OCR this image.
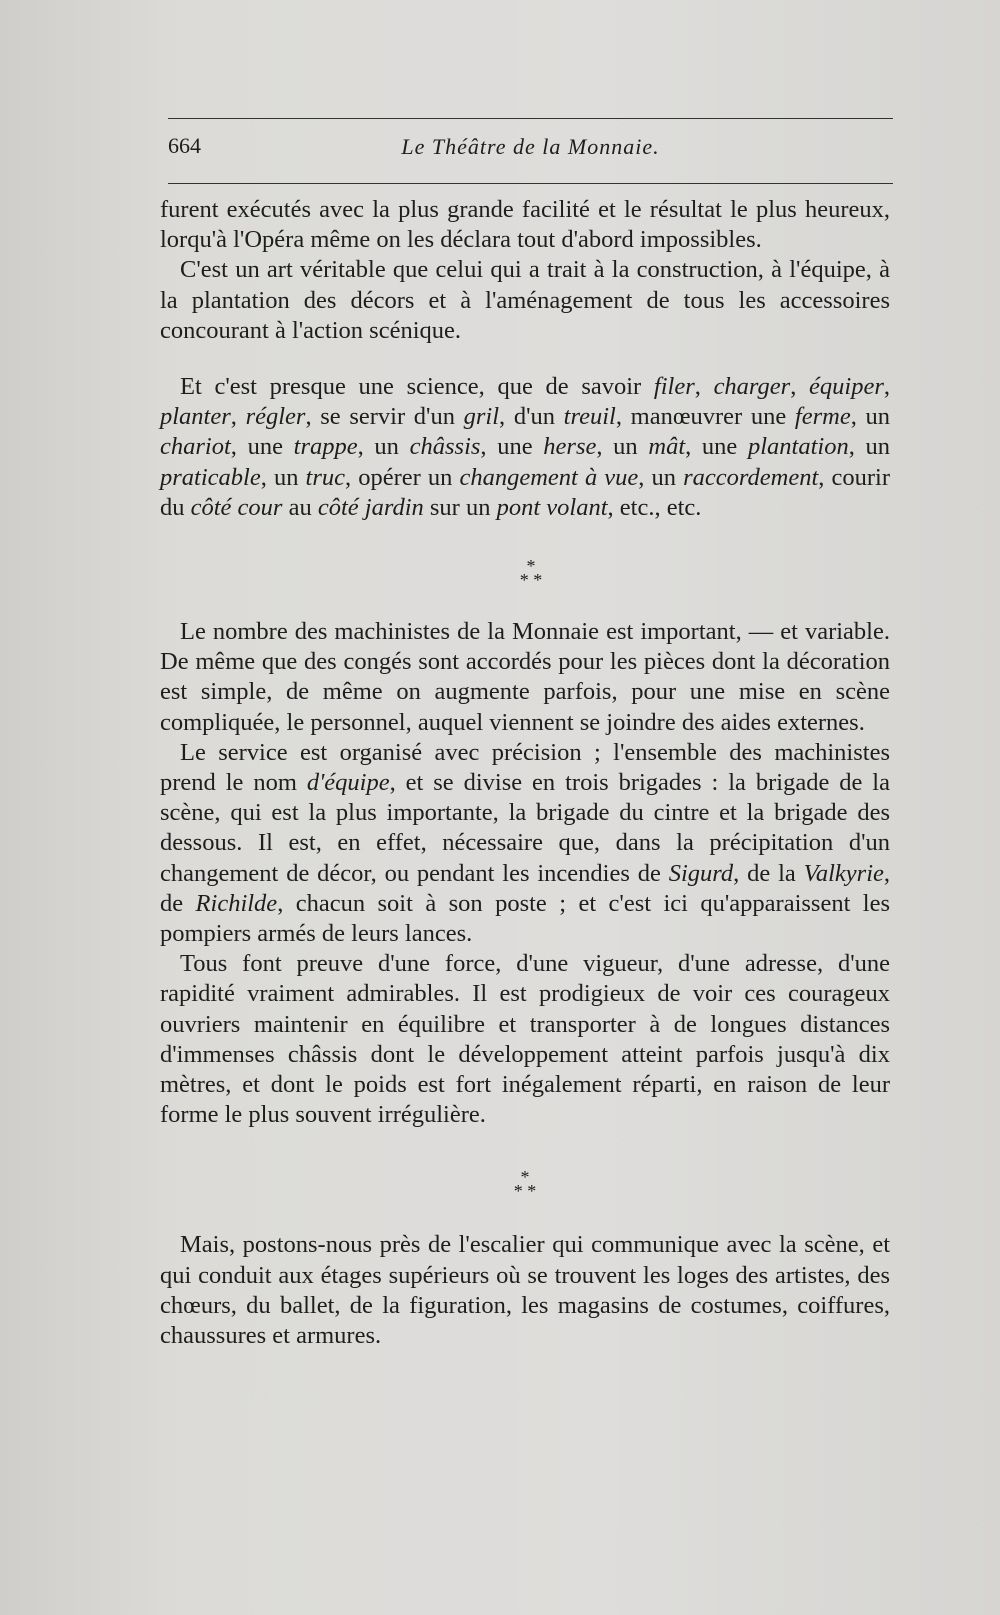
664	Le Théâtre de la Monnaie.

furent exécutés avec la plus grande facilité et le résultat le plus heureux, lorqu'à l'Opéra même on les déclara tout d'abord impossibles.

C'est un art véritable que celui qui a trait à la construction, à l'équipe, à la plantation des décors et à l'aménagement de tous les accessoires concourant à l'action scénique.

Et c'est presque une science, que de savoir filer, charger, équiper, planter, régler, se servir d'un gril, d'un treuil, manœuvrer une ferme, un chariot, une trappe, un châssis, une herse, un mât, une plantation, un praticable, un truc, opérer un changement à vue, un raccordement, courir du côté cour au côté jardin sur un pont volant, etc., etc.

*
* *

Le nombre des machinistes de la Monnaie est important, — et variable. De même que des congés sont accordés pour les pièces dont la décoration est simple, de même on augmente parfois, pour une mise en scène compliquée, le personnel, auquel viennent se joindre des aides externes.

Le service est organisé avec précision ; l'ensemble des machinistes prend le nom d'équipe, et se divise en trois brigades : la brigade de la scène, qui est la plus importante, la brigade du cintre et la brigade des dessous. Il est, en effet, nécessaire que, dans la précipitation d'un changement de décor, ou pendant les incendies de Sigurd, de la Valkyrie, de Richilde, chacun soit à son poste ; et c'est ici qu'apparaissent les pompiers armés de leurs lances.

Tous font preuve d'une force, d'une vigueur, d'une adresse, d'une rapidité vraiment admirables. Il est prodigieux de voir ces courageux ouvriers maintenir en équilibre et transporter à de longues distances d'immenses châssis dont le développement atteint parfois jusqu'à dix mètres, et dont le poids est fort inégalement réparti, en raison de leur forme le plus souvent irrégulière.

*
* *

Mais, postons-nous près de l'escalier qui communique avec la scène, et qui conduit aux étages supérieurs où se trouvent les loges des artistes, des chœurs, du ballet, de la figuration, les magasins de costumes, coiffures, chaussures et armures.
